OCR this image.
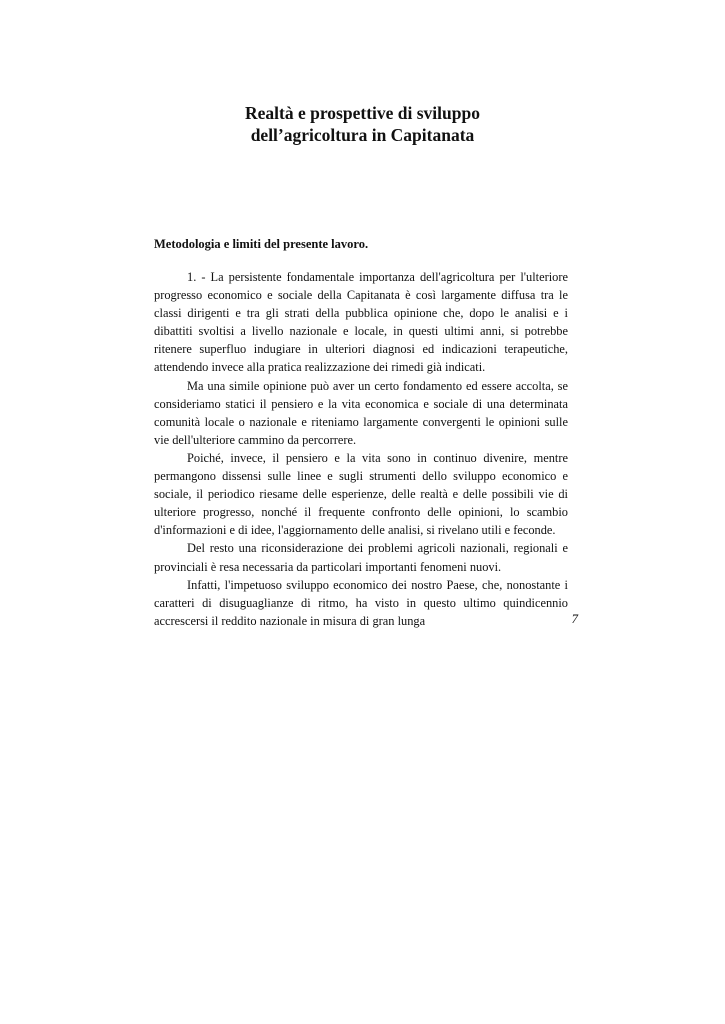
Realtà e prospettive di sviluppo
dell’agricoltura in Capitanata
Metodologia e limiti del presente lavoro.

1. - La persistente fondamentale importanza dell'agricoltura per l'ulteriore progresso economico e sociale della Capitanata è così largamente diffusa tra le classi dirigenti e tra gli strati della pubblica opinione che, dopo le analisi e i dibattiti svoltisi a livello nazionale e locale, in questi ultimi anni, si potrebbe ritenere superfluo indugiare in ulteriori diagnosi ed indicazioni terapeutiche, attendendo invece alla pratica realizzazione dei rimedi già indicati.

Ma una simile opinione può aver un certo fondamento ed essere accolta, se consideriamo statici il pensiero e la vita economica e sociale di una determinata comunità locale o nazionale e riteniamo largamente convergenti le opinioni sulle vie dell'ulteriore cammino da percorrere.

Poiché, invece, il pensiero e la vita sono in continuo divenire, mentre permangono dissensi sulle linee e sugli strumenti dello sviluppo economico e sociale, il periodico riesame delle esperienze, delle realtà e delle possibili vie di ulteriore progresso, nonché il frequente confronto delle opinioni, lo scambio d'informazioni e di idee, l'aggiornamento delle analisi, si rivelano utili e feconde.

Del resto una riconsiderazione dei problemi agricoli nazionali, regionali e provinciali è resa necessaria da particolari importanti fenomeni nuovi.

Infatti, l'impetuoso sviluppo economico dei nostro Paese, che, nonostante i caratteri di disuguaglianze di ritmo, ha visto in questo ultimo quindicennio accrescersi il reddito nazionale in misura di gran lunga	7
